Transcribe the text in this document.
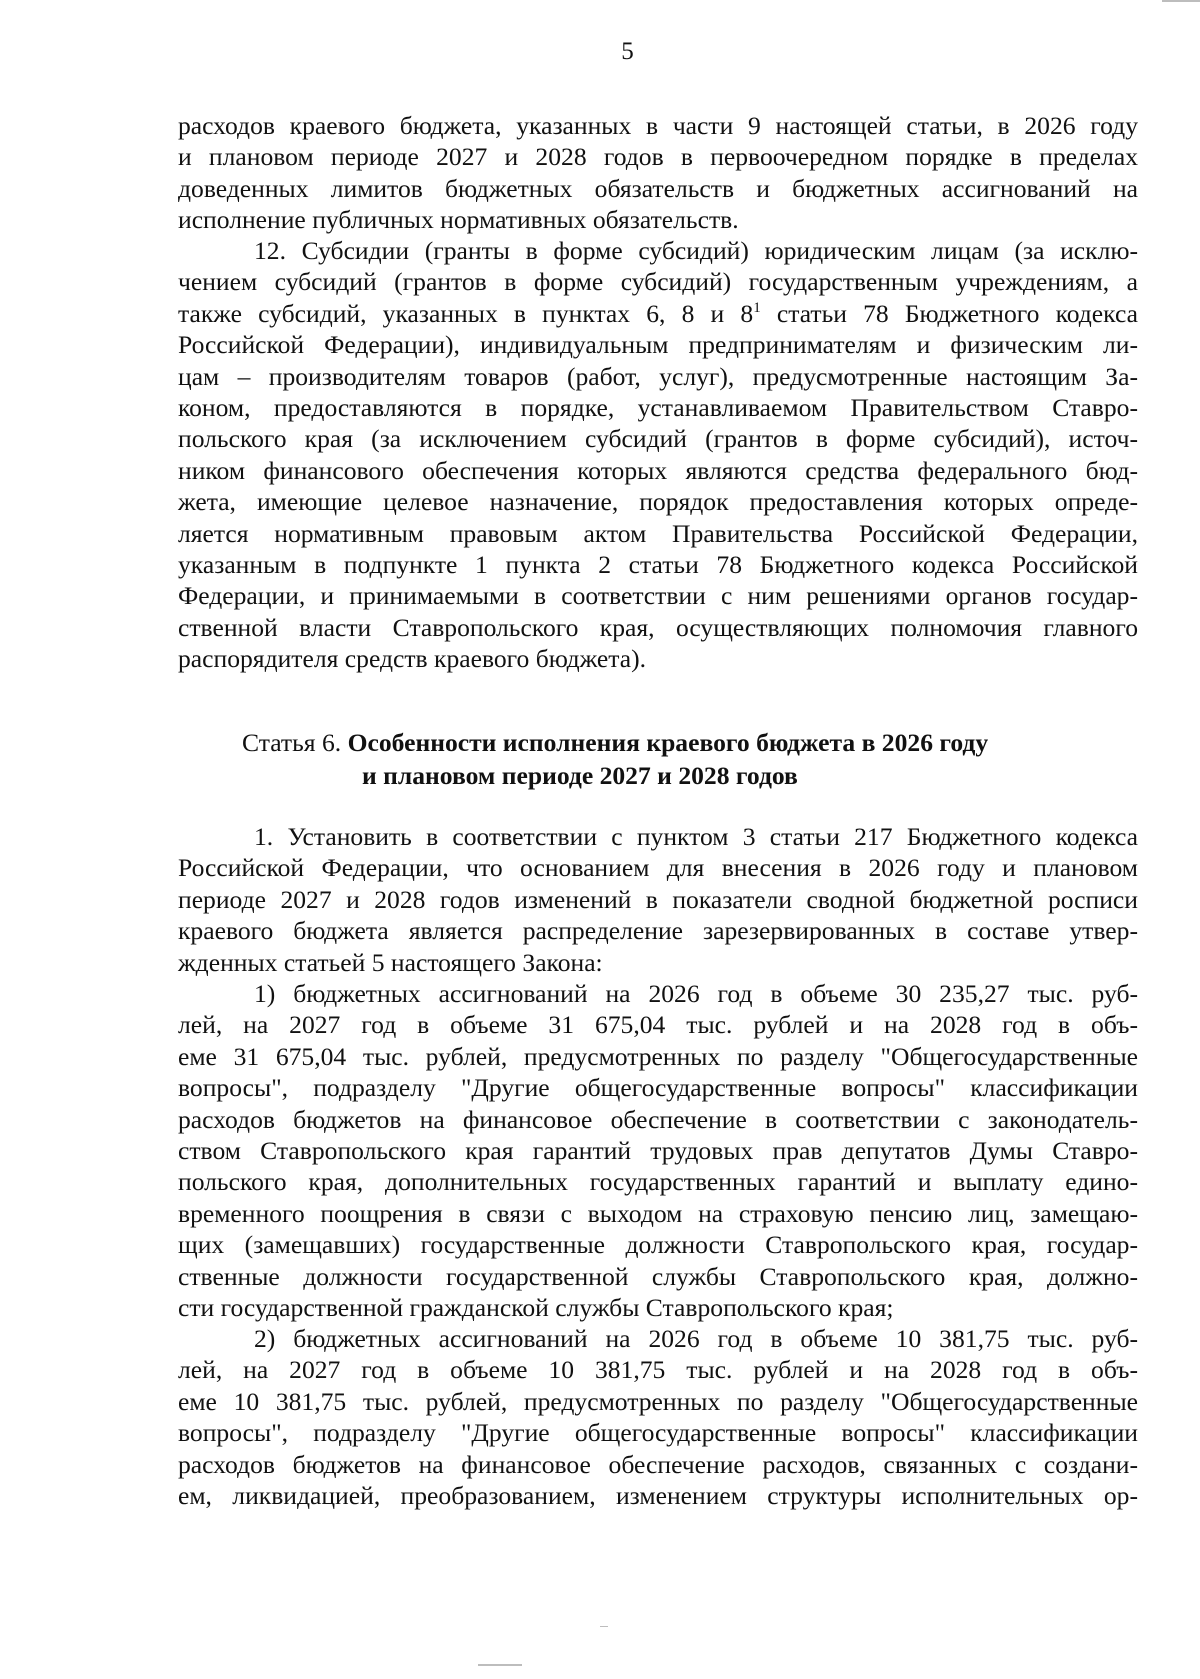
5
расходов краевого бюджета, указанных в части 9 настоящей статьи, в 2026 году
и плановом периоде 2027 и 2028 годов в первоочередном порядке в пределах
доведенных лимитов бюджетных обязательств и бюджетных ассигнований на
исполнение публичных нормативных обязательств.
12. Субсидии (гранты в форме субсидий) юридическим лицам (за исклю-
чением субсидий (грантов в форме субсидий) государственным учреждениям, а
также субсидий, указанных в пунктах 6, 8 и $8^1$ статьи 78 Бюджетного кодекса
Российской Федерации), индивидуальным предпринимателям и физическим ли-
цам – производителям товаров (работ, услуг), предусмотренные настоящим За-
коном, предоставляются в порядке, устанавливаемом Правительством Ставро-
польского края (за исключением субсидий (грантов в форме субсидий), источ-
ником финансового обеспечения которых являются средства федерального бюд-
жета, имеющие целевое назначение, порядок предоставления которых опреде-
ляется нормативным правовым актом Правительства Российской Федерации,
указанным в подпункте 1 пункта 2 статьи 78 Бюджетного кодекса Российской
Федерации, и принимаемыми в соответствии с ним решениями органов государ-
ственной власти Ставропольского края, осуществляющих полномочия главного
распорядителя средств краевого бюджета).
Статья 6. Особенности исполнения краевого бюджета в 2026 году
и плановом периоде 2027 и 2028 годов
1. Установить в соответствии с пунктом 3 статьи 217 Бюджетного кодекса
Российской Федерации, что основанием для внесения в 2026 году и плановом
периоде 2027 и 2028 годов изменений в показатели сводной бюджетной росписи
краевого бюджета является распределение зарезервированных в составе утвер-
жденных статьей 5 настоящего Закона:
1) бюджетных ассигнований на 2026 год в объеме 30 235,27 тыс. руб-
лей, на 2027 год в объеме 31 675,04 тыс. рублей и на 2028 год в объ-
еме 31 675,04 тыс. рублей, предусмотренных по разделу "Общегосударственные
вопросы", подразделу "Другие общегосударственные вопросы" классификации
расходов бюджетов на финансовое обеспечение в соответствии с законодатель-
ством Ставропольского края гарантий трудовых прав депутатов Думы Ставро-
польского края, дополнительных государственных гарантий и выплату едино-
временного поощрения в связи с выходом на страховую пенсию лиц, замещаю-
щих (замещавших) государственные должности Ставропольского края, государ-
ственные должности государственной службы Ставропольского края, должно-
сти государственной гражданской службы Ставропольского края;
2) бюджетных ассигнований на 2026 год в объеме 10 381,75 тыс. руб-
лей, на 2027 год в объеме 10 381,75 тыс. рублей и на 2028 год в объ-
еме 10 381,75 тыс. рублей, предусмотренных по разделу "Общегосударственные
вопросы", подразделу "Другие общегосударственные вопросы" классификации
расходов бюджетов на финансовое обеспечение расходов, связанных с создани-
ем, ликвидацией, преобразованием, изменением структуры исполнительных ор-
